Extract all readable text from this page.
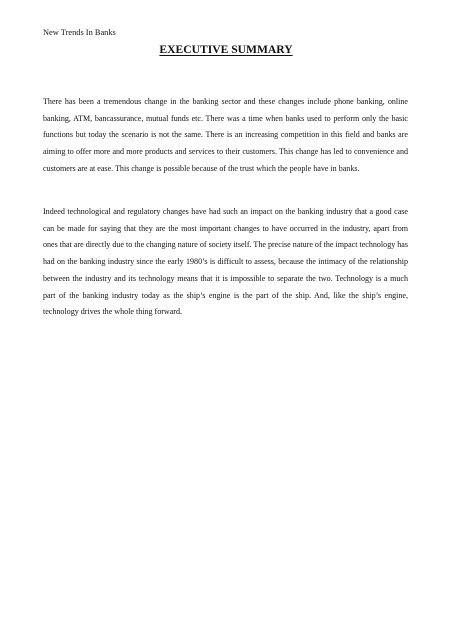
New Trends In Banks
EXECUTIVE SUMMARY

There has been a tremendous change in the banking sector and these changes include phone banking, online banking, ATM, bancassurance, mutual funds etc. There was a time when banks used to perform only the basic functions but today the scenario is not the same. There is an increasing competition in this field and banks are aiming to offer more and more products and services to their customers. This change has led to convenience and customers are at ease. This change is possible because of the trust which the people have in banks.

Indeed technological and regulatory changes have had such an impact on the banking industry that a good case can be made for saying that they are the most important changes to have occurred in the industry, apart from ones that are directly due to the changing nature of society itself. The precise nature of the impact technology has had on the banking industry since the early 1980’s is difficult to assess, because the intimacy of the relationship between the industry and its technology means that it is impossible to separate the two. Technology is a much part of the banking industry today as the ship’s engine is the part of the ship. And, like the ship’s engine, technology drives the whole thing forward.
